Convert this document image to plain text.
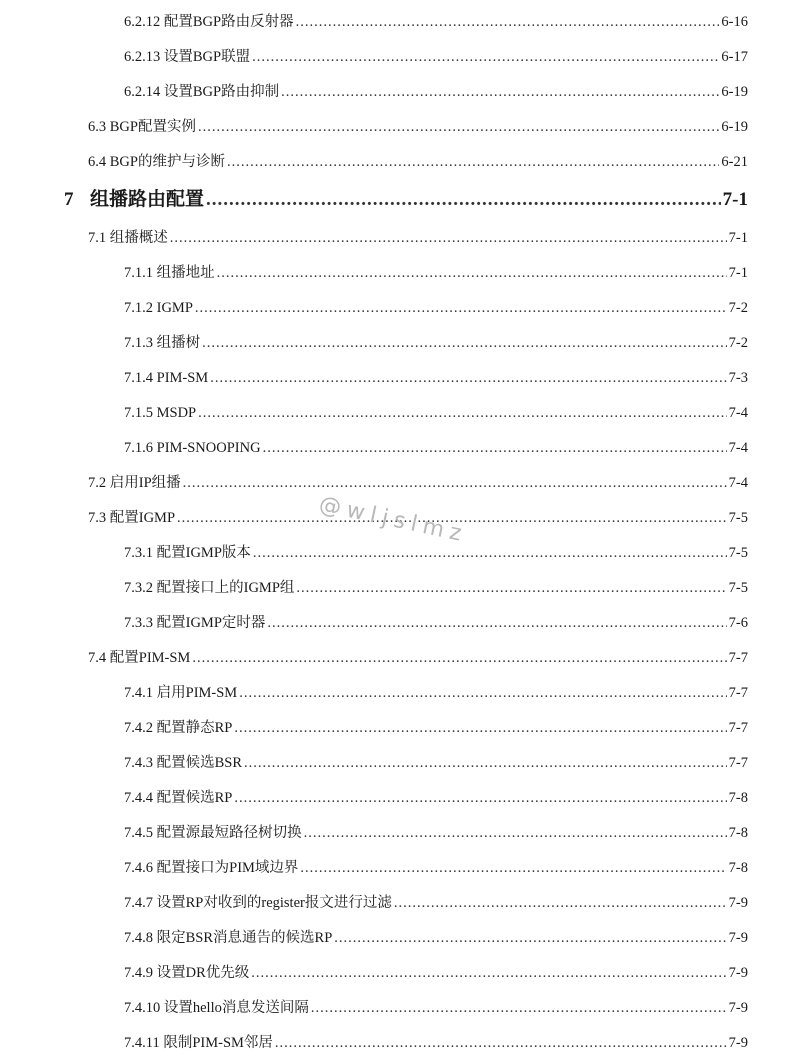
6.2.12 配置BGP路由反射器 .....	6-16
6.2.13 设置BGP联盟 .....	6-17
6.2.14 设置BGP路由抑制 .....	6-19
6.3 BGP配置实例 .....	6-19
6.4 BGP的维护与诊断 .....	6-21
7 组播路由配置 .....	7-1
7.1 组播概述 .....	7-1
7.1.1 组播地址 .....	7-1
7.1.2 IGMP .....	7-2
7.1.3 组播树 .....	7-2
7.1.4 PIM-SM .....	7-3
7.1.5 MSDP .....	7-4
7.1.6 PIM-SNOOPING .....	7-4
7.2 启用IP组播 .....	7-4
7.3 配置IGMP .....	7-5
7.3.1 配置IGMP版本 .....	7-5
7.3.2 配置接口上的IGMP组 .....	7-5
7.3.3 配置IGMP定时器 .....	7-6
7.4 配置PIM-SM .....	7-7
7.4.1 启用PIM-SM .....	7-7
7.4.2 配置静态RP .....	7-7
7.4.3 配置候选BSR .....	7-7
7.4.4 配置候选RP .....	7-8
7.4.5 配置源最短路径树切换 .....	7-8
7.4.6 配置接口为PIM域边界 .....	7-8
7.4.7 设置RP对收到的register报文进行过滤 .....	7-9
7.4.8 限定BSR消息通告的候选RP .....	7-9
7.4.9 设置DR优先级 .....	7-9
7.4.10 设置hello消息发送间隔 .....	7-9
7.4.11 限制PIM-SM邻居 .....	7-9
@wljslmz
